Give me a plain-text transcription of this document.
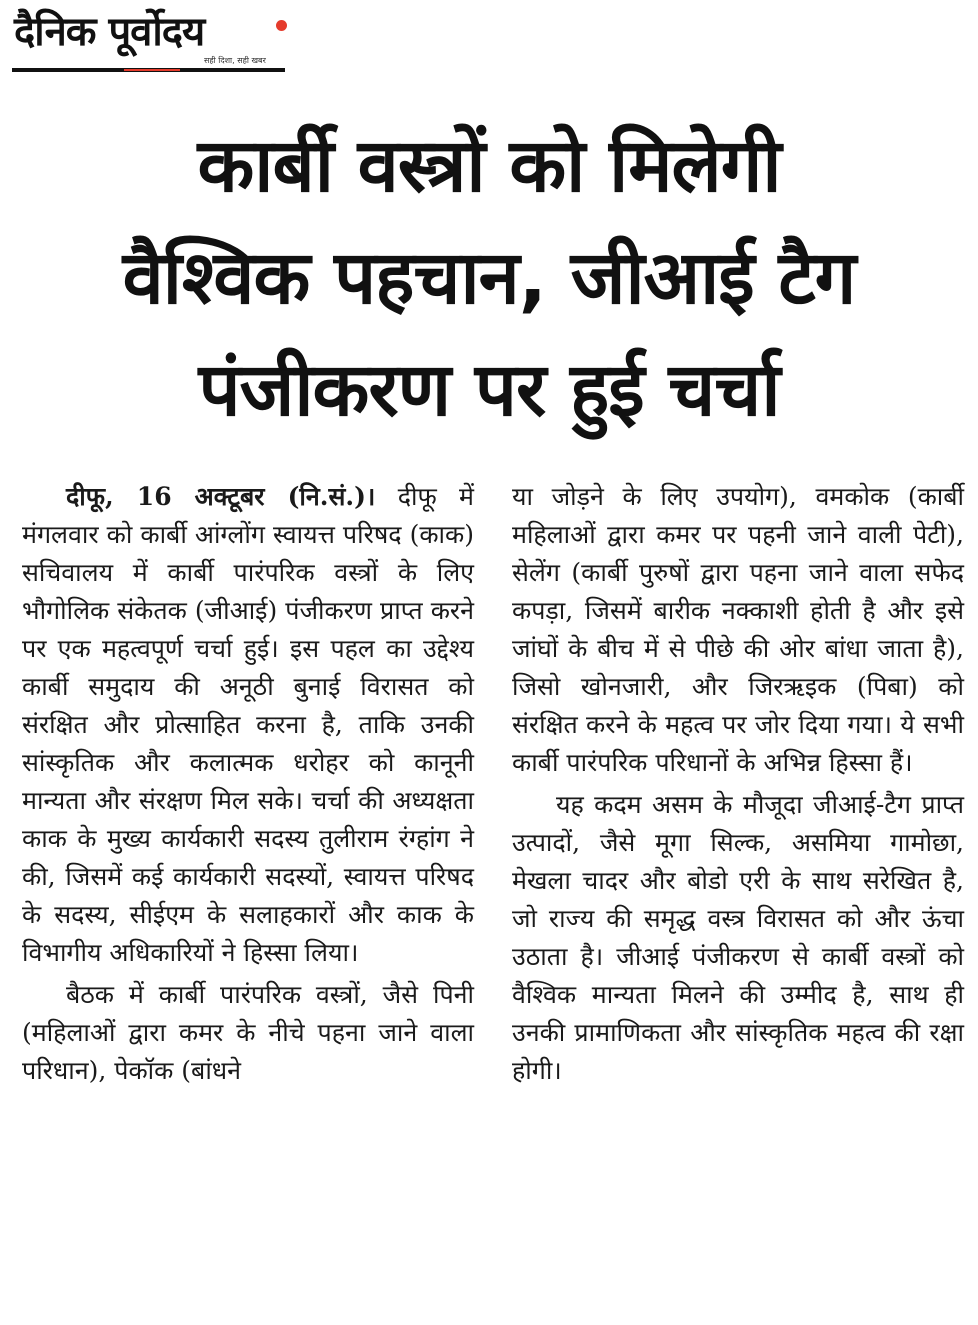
दैनिक पूर्वोदय
सही दिशा, सही खबर
कार्बी वस्त्रों को मिलेगी
वैश्विक पहचान, जीआई टैग
पंजीकरण पर हुई चर्चा

दीफू, 16 अक्टूबर (नि.सं.)। दीफू में मंगलवार को कार्बी आंग्लोंग स्वायत्त परिषद (काक) सचिवालय में कार्बी पारंपरिक वस्त्रों के लिए भौगोलिक संकेतक (जीआई) पंजीकरण प्राप्त करने पर एक महत्वपूर्ण चर्चा हुई। इस पहल का उद्देश्य कार्बी समुदाय की अनूठी बुनाई विरासत को संरक्षित और प्रोत्साहित करना है, ताकि उनकी सांस्कृतिक और कलात्मक धरोहर को कानूनी मान्यता और संरक्षण मिल सके। चर्चा की अध्यक्षता काक के मुख्य कार्यकारी सदस्य तुलीराम रंग्हांग ने की, जिसमें कई कार्यकारी सदस्यों, स्वायत्त परिषद के सदस्य, सीईएम के सलाहकारों और काक के विभागीय अधिकारियों ने हिस्सा लिया।

बैठक में कार्बी पारंपरिक वस्त्रों, जैसे पिनी (महिलाओं द्वारा कमर के नीचे पहना जाने वाला परिधान), पेकॉक (बांधने

या जोड़ने के लिए उपयोग), वमकोक (कार्बी महिलाओं द्वारा कमर पर पहनी जाने वाली पेटी), सेलेंग (कार्बी पुरुषों द्वारा पहना जाने वाला सफेद कपड़ा, जिसमें बारीक नक्काशी होती है और इसे जांघों के बीच में से पीछे की ओर बांधा जाता है), जिसो खोनजारी, और जिरऋइक (पिबा) को संरक्षित करने के महत्व पर जोर दिया गया। ये सभी कार्बी पारंपरिक परिधानों के अभिन्न हिस्सा हैं।

यह कदम असम के मौजूदा जीआई-टैग प्राप्त उत्पादों, जैसे मूगा सिल्क, असमिया गामोछा, मेखला चादर और बोडो एरी के साथ सरेखित है, जो राज्य की समृद्ध वस्त्र विरासत को और ऊंचा उठाता है। जीआई पंजीकरण से कार्बी वस्त्रों को वैश्विक मान्यता मिलने की उम्मीद है, साथ ही उनकी प्रामाणिकता और सांस्कृतिक महत्व की रक्षा होगी।
